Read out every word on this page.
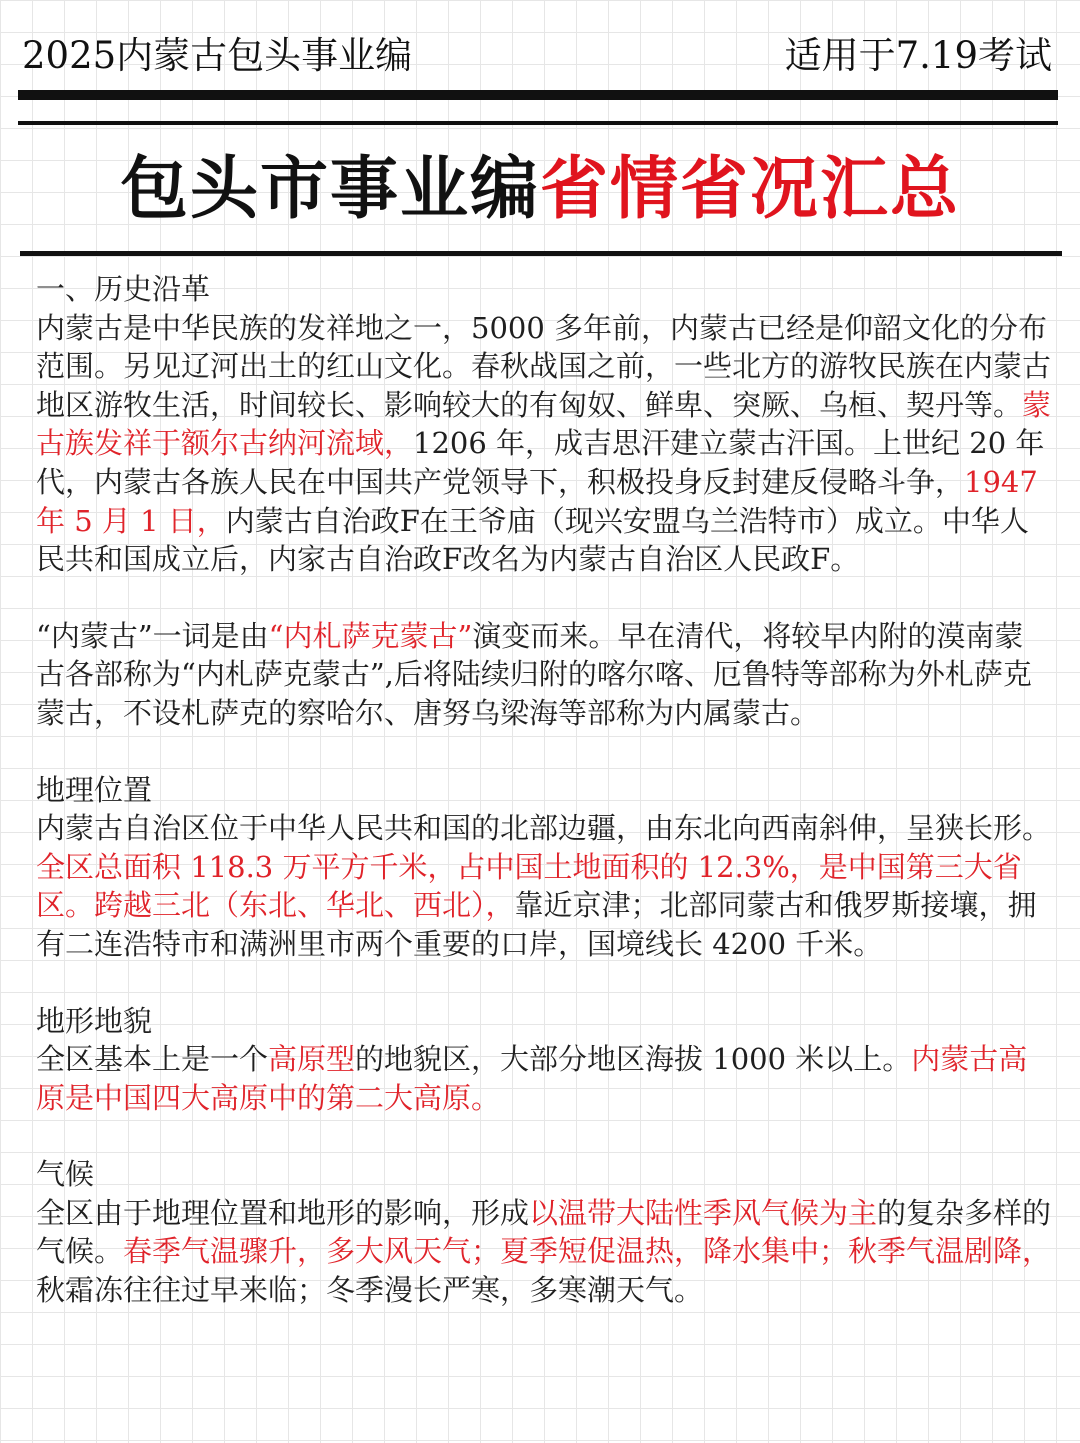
2025内蒙古包头事业编	适用于7.19考试
包头市事业编省情省况汇总

一、历史沿革

内蒙古是中华民族的发祥地之一，5000 多年前，内蒙古已经是仰韶文化的分布范围。另见辽河出土的红山文化。春秋战国之前，一些北方的游牧民族在内蒙古地区游牧生活，时间较长、影响较大的有匈奴、鲜卑、突厥、乌桓、契丹等。蒙古族发祥于额尔古纳河流域，1206 年，成吉思汗建立蒙古汗国。上世纪 20 年代，内蒙古各族人民在中国共产党领导下，积极投身反封建反侵略斗争，1947 年 5 月 1 日，内蒙古自治政F在王爷庙（现兴安盟乌兰浩特市）成立。中华人民共和国成立后，内家古自治政F改名为内蒙古自治区人民政F。

“内蒙古”一词是由“内札萨克蒙古”演变而来。早在清代，将较早内附的漠南蒙古各部称为“内札萨克蒙古”,后将陆续归附的喀尔喀、厄鲁特等部称为外札萨克蒙古，不设札萨克的察哈尔、唐努乌梁海等部称为内属蒙古。

地理位置

内蒙古自治区位于中华人民共和国的北部边疆，由东北向西南斜伸，呈狭长形。全区总面积 118.3 万平方千米，占中国土地面积的 12.3%，是中国第三大省区。跨越三北（东北、华北、西北），靠近京津；北部同蒙古和俄罗斯接壤，拥有二连浩特市和满洲里市两个重要的口岸，国境线长 4200 千米。

地形地貌

全区基本上是一个高原型的地貌区，大部分地区海拔 1000 米以上。内蒙古高原是中国四大高原中的第二大高原。

气候

全区由于地理位置和地形的影响，形成以温带大陆性季风气候为主的复杂多样的气候。春季气温骤升，多大风天气；夏季短促温热，降水集中；秋季气温剧降，秋霜冻往往过早来临；冬季漫长严寒，多寒潮天气。
